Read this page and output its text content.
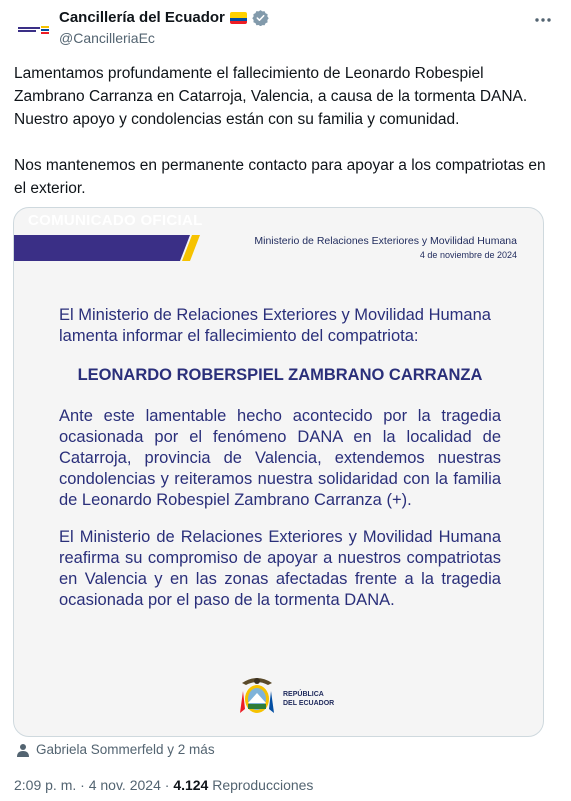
Cancillería del Ecuador
@CancilleriaEc

Lamentamos profundamente el fallecimiento de Leonardo Robespiel Zambrano Carranza en Catarroja, Valencia, a causa de la tormenta DANA. Nuestro apoyo y condolencias están con su familia y comunidad.

Nos mantenemos en permanente contacto para apoyar a los compatriotas en el exterior.

COMUNICADO OFICIAL
Ministerio de Relaciones Exteriores y Movilidad Humana
4 de noviembre de 2024
El Ministerio de Relaciones Exteriores y Movilidad Humana lamenta informar el fallecimiento del compatriota:
LEONARDO ROBERSPIEL ZAMBRANO CARRANZA
Ante este lamentable hecho acontecido por la tragedia ocasionada por el fenómeno DANA en la localidad de Catarroja, provincia de Valencia, extendemos nuestras condolencias y reiteramos nuestra solidaridad con la familia de Leonardo Robespiel Zambrano Carranza (+).
El Ministerio de Relaciones Exteriores y Movilidad Humana reafirma su compromiso de apoyar a nuestros compatriotas en Valencia y en las zonas afectadas frente a la tragedia ocasionada por el paso de la tormenta DANA.
REPÚBLICA
DEL ECUADOR
Gabriela Sommerfeld y 2 más
2:09 p. m. · 4 nov. 2024 · 4.124 Reproducciones
